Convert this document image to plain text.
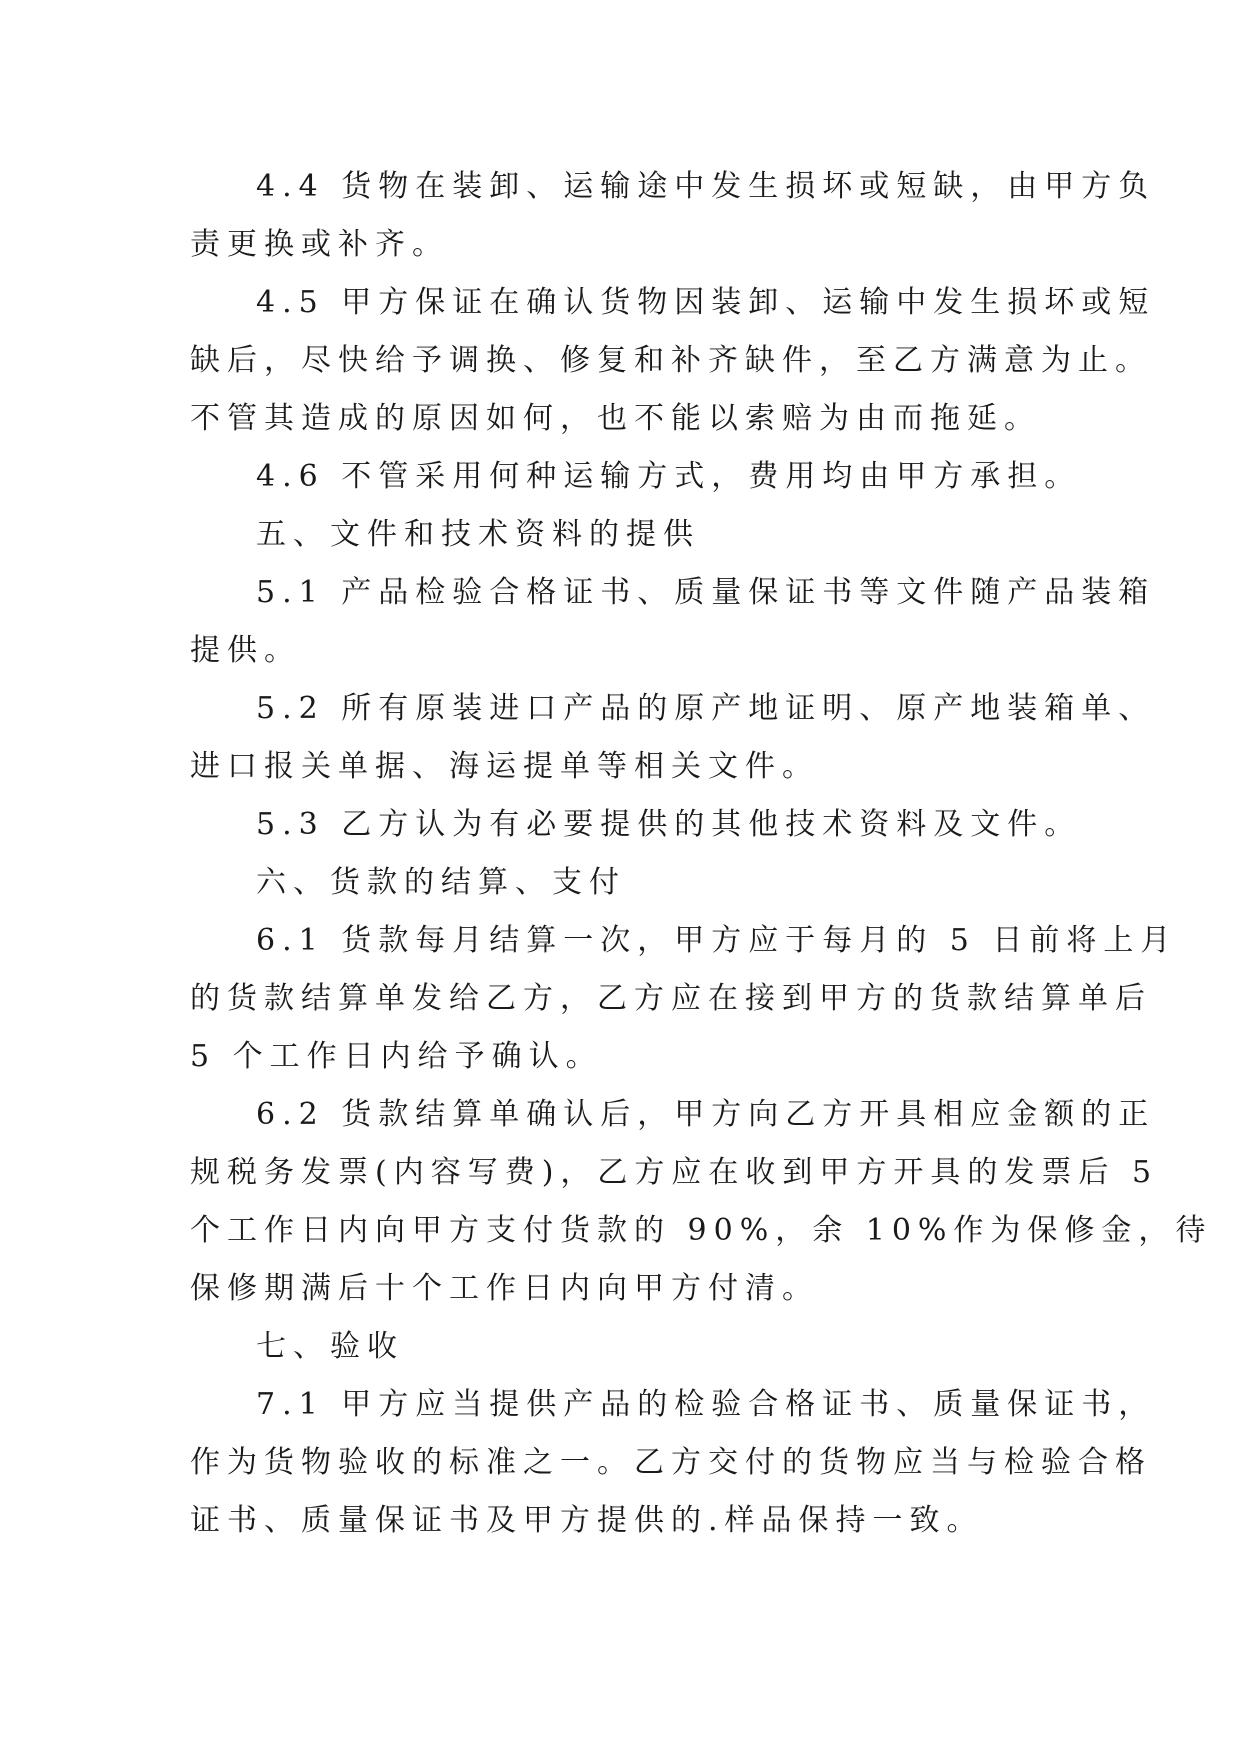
4.4 货物在装卸、运输途中发生损坏或短缺，由甲方负
责更换或补齐。

4.5 甲方保证在确认货物因装卸、运输中发生损坏或短
缺后，尽快给予调换、修复和补齐缺件，至乙方满意为止。
不管其造成的原因如何，也不能以索赔为由而拖延。

4.6 不管采用何种运输方式，费用均由甲方承担。

五、文件和技术资料的提供

5.1 产品检验合格证书、质量保证书等文件随产品装箱
提供。

5.2 所有原装进口产品的原产地证明、原产地装箱单、
进口报关单据、海运提单等相关文件。

5.3 乙方认为有必要提供的其他技术资料及文件。

六、货款的结算、支付

6.1 货款每月结算一次，甲方应于每月的 5 日前将上月
的货款结算单发给乙方，乙方应在接到甲方的货款结算单后
5 个工作日内给予确认。

6.2 货款结算单确认后，甲方向乙方开具相应金额的正
规税务发票(内容写费)，乙方应在收到甲方开具的发票后 5
个工作日内向甲方支付货款的 90%，余 10%作为保修金，待
保修期满后十个工作日内向甲方付清。

七、验收

7.1 甲方应当提供产品的检验合格证书、质量保证书，
作为货物验收的标准之一。乙方交付的货物应当与检验合格
证书、质量保证书及甲方提供的.样品保持一致。
